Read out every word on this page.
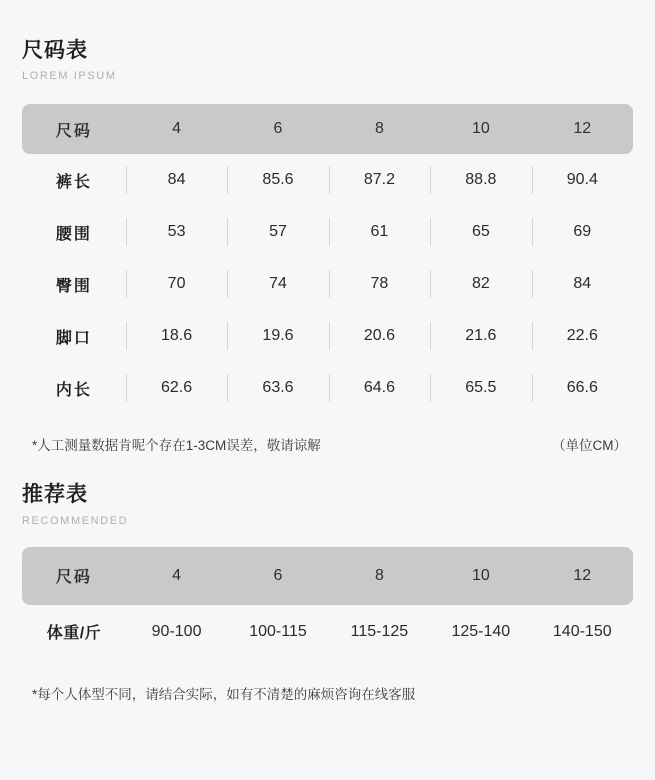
尺码表
LOREM IPSUM
尺码	4	6	8	10	12
裤长	84	85.6	87.2	88.8	90.4
腰围	53	57	61	65	69
臀围	70	74	78	82	84
脚口	18.6	19.6	20.6	21.6	22.6
内长	62.6	63.6	64.6	65.5	66.6
*人工测量数据肯呢个存在1-3CM误差，敬请谅解	（单位CM）
推荐表
RECOMMENDED
尺码	4	6	8	10	12
体重/斤	90-100	100-115	115-125	125-140	140-150
*每个人体型不同，请结合实际，如有不清楚的麻烦咨询在线客服
